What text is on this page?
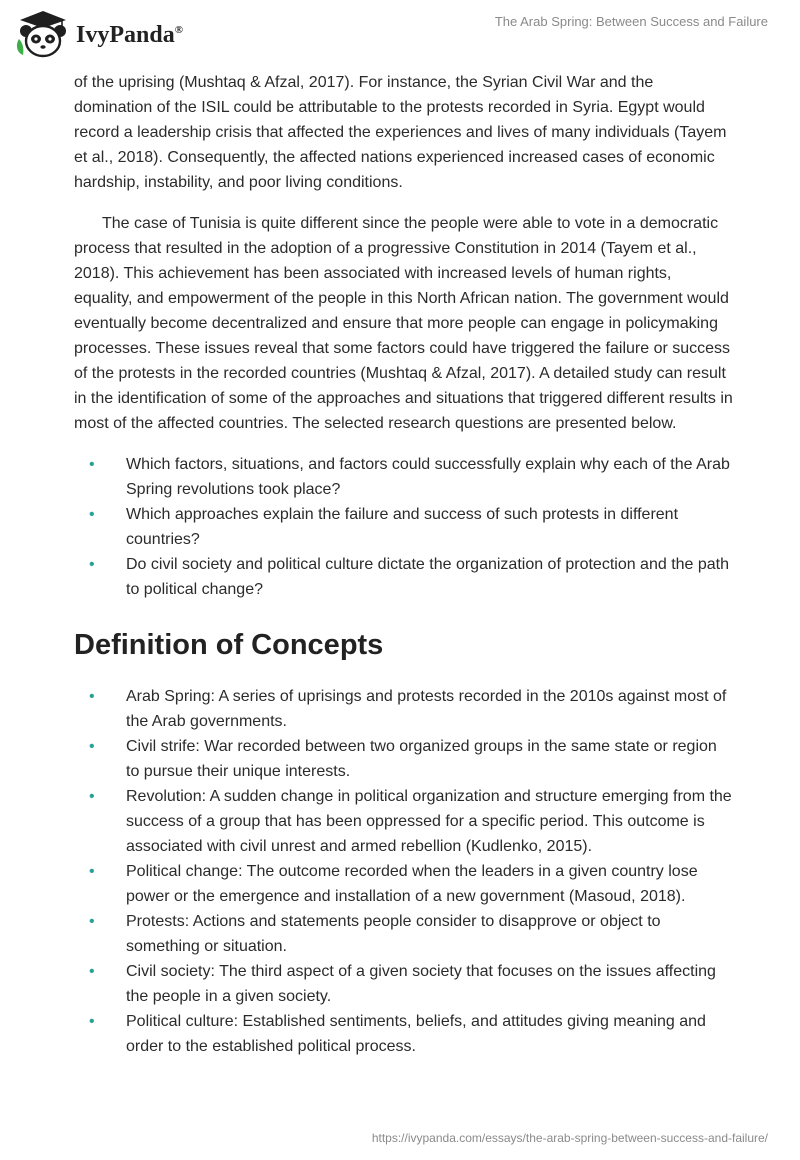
IvyPanda®
The Arab Spring: Between Success and Failure

of the uprising (Mushtaq & Afzal, 2017). For instance, the Syrian Civil War and the domination of the ISIL could be attributable to the protests recorded in Syria. Egypt would record a leadership crisis that affected the experiences and lives of many individuals (Tayem et al., 2018). Consequently, the affected nations experienced increased cases of economic hardship, instability, and poor living conditions.

The case of Tunisia is quite different since the people were able to vote in a democratic process that resulted in the adoption of a progressive Constitution in 2014 (Tayem et al., 2018). This achievement has been associated with increased levels of human rights, equality, and empowerment of the people in this North African nation. The government would eventually become decentralized and ensure that more people can engage in policymaking processes. These issues reveal that some factors could have triggered the failure or success of the protests in the recorded countries (Mushtaq & Afzal, 2017). A detailed study can result in the identification of some of the approaches and situations that triggered different results in most of the affected countries. The selected research questions are presented below.

• Which factors, situations, and factors could successfully explain why each of the Arab Spring revolutions took place?
• Which approaches explain the failure and success of such protests in different countries?
• Do civil society and political culture dictate the organization of protection and the path to political change?
Definition of Concepts
• Arab Spring: A series of uprisings and protests recorded in the 2010s against most of the Arab governments.
• Civil strife: War recorded between two organized groups in the same state or region to pursue their unique interests.
• Revolution: A sudden change in political organization and structure emerging from the success of a group that has been oppressed for a specific period. This outcome is associated with civil unrest and armed rebellion (Kudlenko, 2015).
• Political change: The outcome recorded when the leaders in a given country lose power or the emergence and installation of a new government (Masoud, 2018).
• Protests: Actions and statements people consider to disapprove or object to something or situation.
• Civil society: The third aspect of a given society that focuses on the issues affecting the people in a given society.
• Political culture: Established sentiments, beliefs, and attitudes giving meaning and order to the established political process.
https://ivypanda.com/essays/the-arab-spring-between-success-and-failure/
